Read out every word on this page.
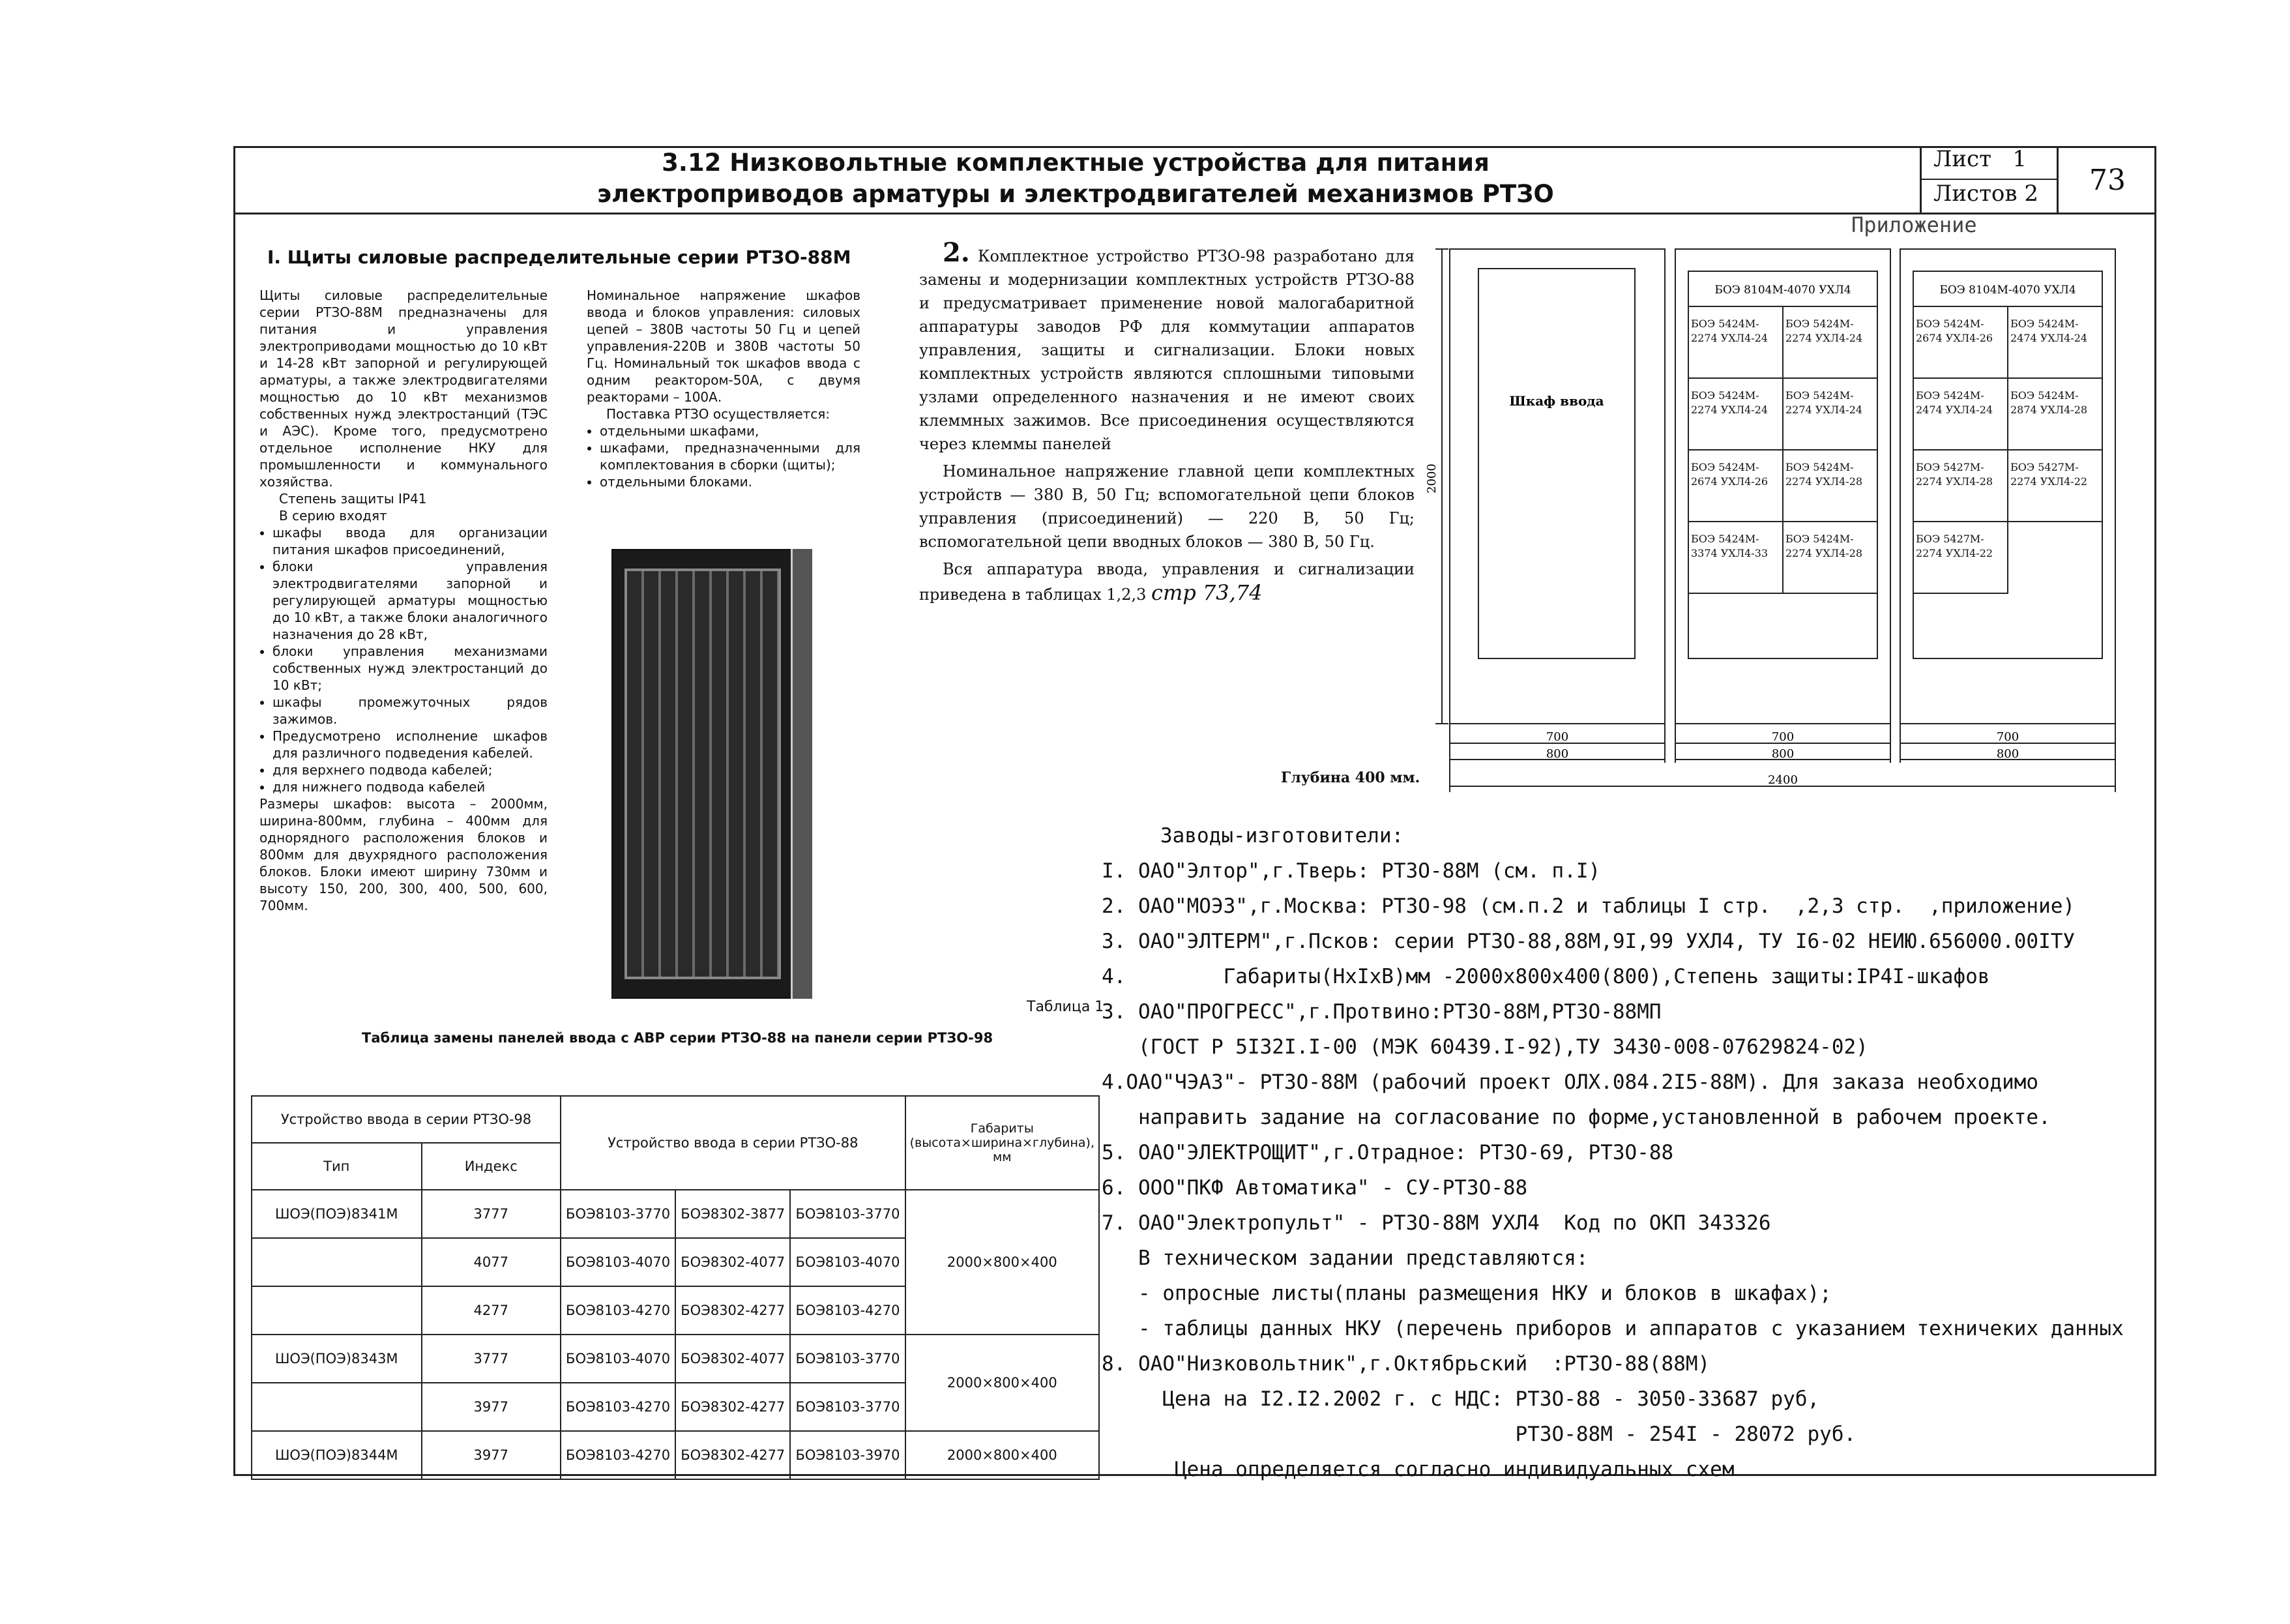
3.12 Низковольтные комплектные устройства для питания
электроприводов арматуры и электродвигателей механизмов РТЗО
Лист 1
Листов 2	73
Приложение
I. Щиты силовые распределительные серии РТЗО-88М
Щиты силовые распределительные серии РТЗО-88М предназначены для питания и управления электроприводами мощностью до 10 кВт и 14-28 кВт запорной и регулирующей арматуры, а также электродвигателями мощностью до 10 кВт механизмов собственных нужд электростанций (ТЭС и АЭС). Кроме того, предусмотрено отдельное исполнение НКУ для промышленности и коммунального хозяйства.
Степень защиты IP41
В серию входят
• шкафы ввода для организации питания шкафов присоединений,
• блоки управления электродвигателями запорной и регулирующей арматуры мощностью до 10 кВт, а также блоки аналогичного назначения до 28 кВт,
• блоки управления механизмами собственных нужд электростанций до 10 кВт;
• шкафы промежуточных рядов зажимов.
• Предусмотрено исполнение шкафов для различного подведения кабелей.
• для верхнего подвода кабелей;
• для нижнего подвода кабелей
Размеры шкафов: высота – 2000мм, ширина-800мм, глубина – 400мм для однорядного расположения блоков и 800мм для двухрядного расположения блоков. Блоки имеют ширину 730мм и высоту 150, 200, 300, 400, 500, 600, 700мм.
Номинальное напряжение шкафов ввода и блоков управления: силовых цепей – 380В частоты 50 Гц и цепей управления-220В и 380В частоты 50 Гц. Номинальный ток шкафов ввода с одним реактором-50А, с двумя реакторами – 100А.
Поставка РТЗО осуществляется:
• отдельными шкафами,
• шкафами, предназначенными для комплектования в сборки (щиты);
• отдельными блоками.

2. Комплектное устройство РТЗО-98 разработано для замены и модернизации комплектных устройств РТЗО-88 и предусматривает применение новой малогабаритной аппаратуры заводов РФ для коммутации аппаратов управления, защиты и сигнализации. Блоки новых комплектных устройств являются сплошными типовыми узлами определенного назначения и не имеют своих клеммных зажимов. Все присоединения осуществляются через клеммы панелей

Номинальное напряжение главной цепи комплектных устройств — 380 В, 50 Гц; вспомогательной цепи блоков управления (присоединений) — 220 В, 50 Гц; вспомогательной цепи вводных блоков — 380 В, 50 Гц.

Вся аппаратура ввода, управления и сигнализации приведена в таблицах 1,2,3 стр 73,74

БОЭ 5424М-
2274 УХЛ4-24
БОЭ 5424М-
2274 УХЛ4-24
БОЭ 5424М-
2274 УХЛ4-24
БОЭ 5424М-
2274 УХЛ4-24
БОЭ 5424М-
2674 УХЛ4-26
БОЭ 5424М-
2274 УХЛ4-28
БОЭ 5424М-
3374 УХЛ4-33
БОЭ 5424М-
2274 УХЛ4-28
БОЭ 5424М-
2674 УХЛ4-26
БОЭ 5424М-
2474 УХЛ4-24
БОЭ 5424М-
2474 УХЛ4-24
БОЭ 5424М-
2874 УХЛ4-28
БОЭ 5427М-
2274 УХЛ4-28
БОЭ 5427М-
2274 УХЛ4-22
БОЭ 5427М-
2274 УХЛ4-22
2000
Шкаф ввода
БОЭ 8104М-4070 УХЛ4	БОЭ 8104М-4070 УХЛ4
700
800
700
800
700
800
2400
Глубина 400 мм.
Заводы-изготовители:
I. ОАО"Элтор",г.Тверь: РТЗО-88М (см. п.I)
2. ОАО"МОЭЗ",г.Москва: РТЗО-98 (см.п.2 и таблицы I стр.  ,2,3 стр.  ,приложение)
3. ОАО"ЭЛТЕРМ",г.Псков: серии РТЗО-88,88М,9I,99 УХЛ4, ТУ I6-02 НЕИЮ.656000.00IТУ
4.        Габариты(НхIхВ)мм -2000х800х400(800),Степень защиты:IP4I-шкафов
3. ОАО"ПРОГРЕСС",г.Протвино:РТЗО-88М,РТЗО-88МП
(ГОСТ Р 5I32I.I-00 (МЭК 60439.I-92),ТУ 3430-008-07629824-02)
4.ОАО"ЧЭАЗ"- РТЗО-88М (рабочий проект ОЛХ.084.2I5-88М). Для заказа необходимо
направить задание на согласование по форме,установленной в рабочем проекте.
5. ОАО"ЭЛЕКТРОЩИТ",г.Отрадное: РТЗО-69, РТЗО-88
6. ООО"ПКФ Автоматика" - СУ-РТЗО-88
7. ОАО"Электропульт" - РТЗО-88М УХЛ4  Код по ОКП 343326
В техническом задании представляются:
- опросные листы(планы размещения НКУ и блоков в шкафах);
- таблицы данных НКУ (перечень приборов и аппаратов с указанием техничеких данных
8. ОАО"Низковольтник",г.Октябрьский  :РТЗО-88(88М)
Цена на I2.I2.2002 г. с НДС: РТЗО-88 - 3050-33687 руб,
РТЗО-88М - 254I - 28072 руб.
Цена определяется согласно индивидуальных схем
Таблица 1
Таблица замены панелей ввода с АВР серии РТЗО-88 на панели серии РТЗО-98
Устройство ввода в серии РТЗО-98		Устройство ввода в серии РТЗО-88			Габариты (высота×ширина×глубина), мм
Тип	Индекс				
ШОЭ(ПОЭ)8341М	3777	БОЭ8103-3770	БОЭ8302-3877	БОЭ8103-3770	2000×800×400
	4077	БОЭ8103-4070	БОЭ8302-4077	БОЭ8103-4070	
	4277	БОЭ8103-4270	БОЭ8302-4277	БОЭ8103-4270	
ШОЭ(ПОЭ)8343М	3777	БОЭ8103-4070	БОЭ8302-4077	БОЭ8103-3770	2000×800×400
	3977	БОЭ8103-4270	БОЭ8302-4277	БОЭ8103-3770	
ШОЭ(ПОЭ)8344М	3977	БОЭ8103-4270	БОЭ8302-4277	БОЭ8103-3970	2000×800×400
